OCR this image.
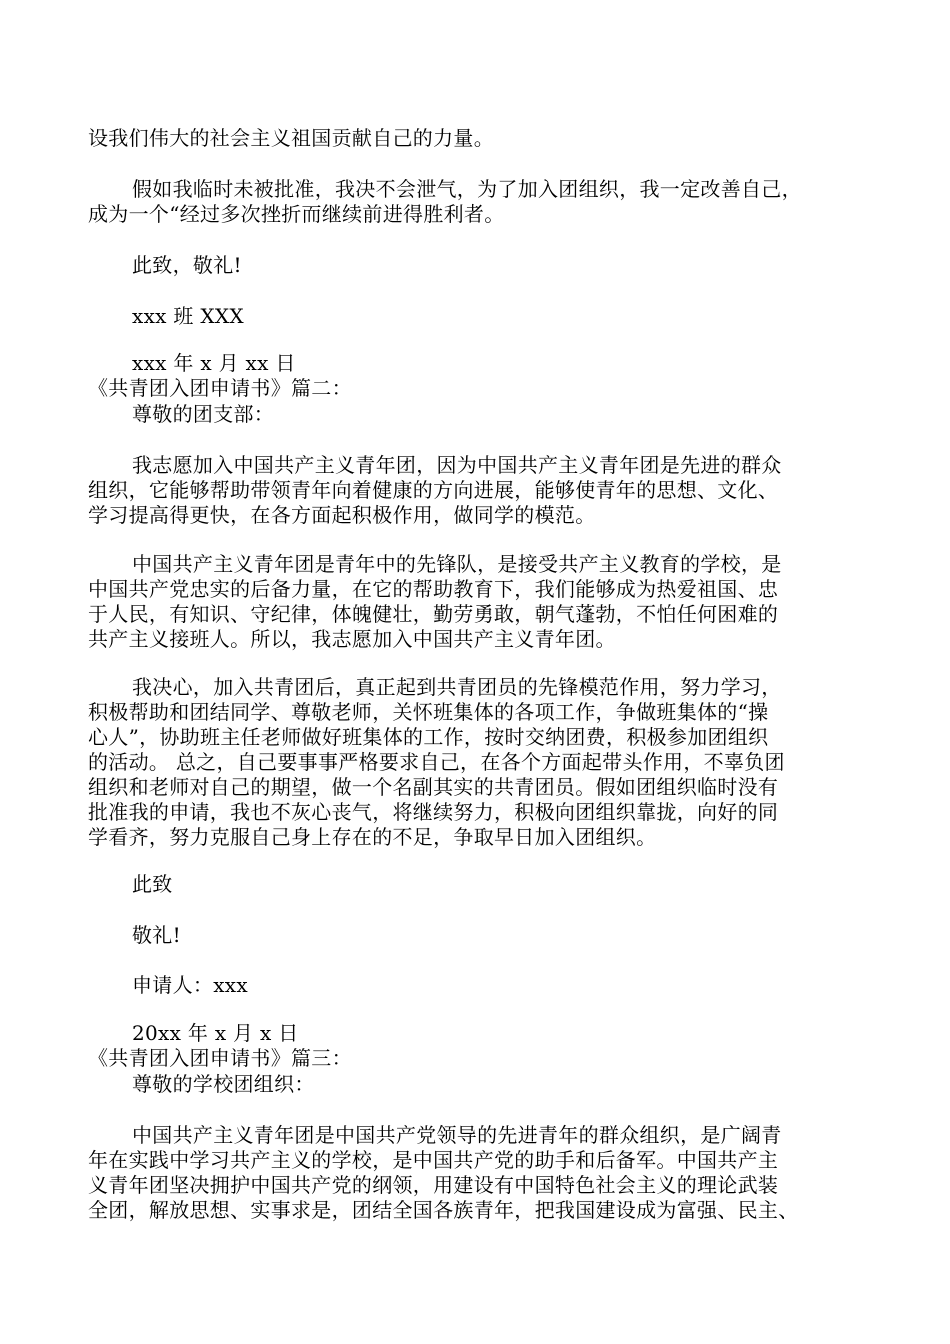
设我们伟大的社会主义祖国贡献自己的力量。

假如我临时未被批准，我决不会泄气，为了加入团组织，我一定改善自己，
成为一个“经过多次挫折而继续前进得胜利者。

此致，敬礼!

xxx 班 XXX

xxx 年 x 月 xx 日

《共青团入团申请书》篇二：

尊敬的团支部：

我志愿加入中国共产主义青年团，因为中国共产主义青年团是先进的群众
组织，它能够帮助带领青年向着健康的方向进展，能够使青年的思想、文化、
学习提高得更快，在各方面起积极作用，做同学的模范。

中国共产主义青年团是青年中的先锋队，是接受共产主义教育的学校，是
中国共产党忠实的后备力量，在它的帮助教育下，我们能够成为热爱祖国、忠
于人民，有知识、守纪律，体魄健壮，勤劳勇敢，朝气蓬勃，不怕任何困难的
共产主义接班人。所以，我志愿加入中国共产主义青年团。

我决心，加入共青团后，真正起到共青团员的先锋模范作用，努力学习，
积极帮助和团结同学、尊敬老师，关怀班集体的各项工作，争做班集体的“操
心人”，协助班主任老师做好班集体的工作，按时交纳团费，积极参加团组织
的活动。 总之，自己要事事严格要求自己，在各个方面起带头作用，不辜负团
组织和老师对自己的期望，做一个名副其实的共青团员。假如团组织临时没有
批准我的申请，我也不灰心丧气，将继续努力，积极向团组织靠拢，向好的同
学看齐，努力克服自己身上存在的不足，争取早日加入团组织。

此致

敬礼!

申请人：xxx

20xx 年 x 月 x 日

《共青团入团申请书》篇三：

尊敬的学校团组织：

中国共产主义青年团是中国共产党领导的先进青年的群众组织，是广阔青
年在实践中学习共产主义的学校，是中国共产党的助手和后备军。中国共产主
义青年团坚决拥护中国共产党的纲领，用建设有中国特色社会主义的理论武装
全团，解放思想、实事求是，团结全国各族青年，把我国建设成为富强、民主、
